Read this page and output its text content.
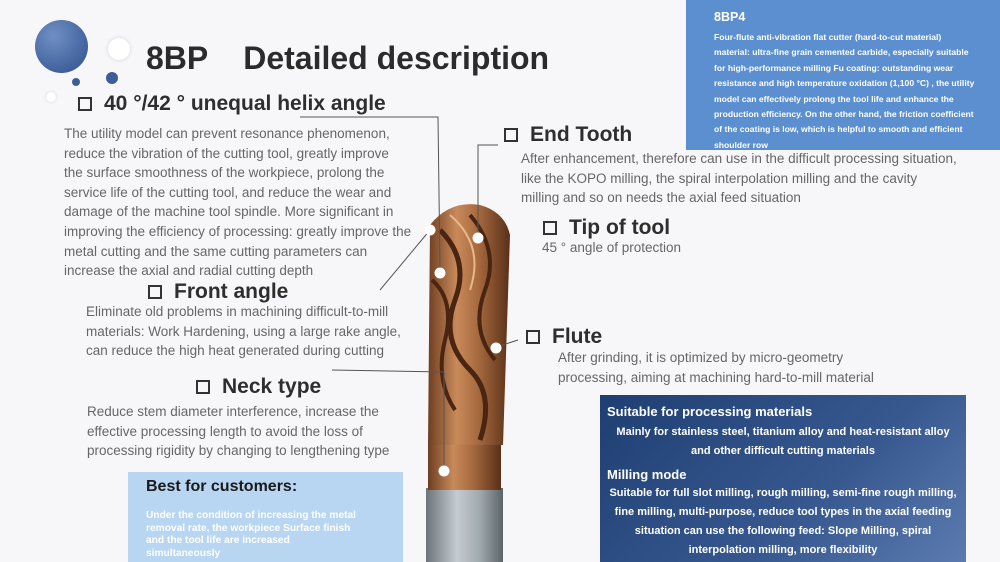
8BP    Detailed description
40 °/42 ° unequal helix angle
The utility model can prevent resonance phenomenon,
reduce the vibration of the cutting tool, greatly improve
the surface smoothness of the workpiece, prolong the
service life of the cutting tool, and reduce the wear and
damage of the machine tool spindle. More significant in
improving the efficiency of processing: greatly improve the
metal cutting and the same cutting parameters can
increase the axial and radial cutting depth
Front angle
Eliminate old problems in machining difficult-to-mill
materials: Work Hardening, using a large rake angle,
can reduce the high heat generated during cutting
Neck type
Reduce stem diameter interference, increase the
effective processing length to avoid the loss of
processing rigidity by changing to lengthening type
End Tooth
After enhancement, therefore can use in the difficult processing situation,
like the KOPO milling, the spiral interpolation milling and the cavity
milling and so on needs the axial feed situation
Tip of tool
45 ° angle of protection
Flute
After grinding, it is optimized by micro-geometry
processing, aiming at machining hard-to-mill material
8BP4
Four-flute anti-vibration flat cutter (hard-to-cut material)
material: ultra-fine grain cemented carbide, especially suitable
for high-performance milling Fu coating: outstanding wear
resistance and high temperature oxidation (1,100 °C) , the utility
model can effectively prolong the tool life and enhance the
production efficiency. On the other hand, the friction coefficient
of the coating is low, which is helpful to smooth and efficient
shoulder row
Best for customers:
Under the condition of increasing the metal
removal rate, the workpiece Surface finish
and the tool life are increased
simultaneously
Suitable for processing materials
Mainly for stainless steel, titanium alloy and heat-resistant alloy
and other difficult cutting materials
Milling mode
Suitable for full slot milling, rough milling, semi-fine rough milling,
fine milling, multi-purpose, reduce tool types in the axial feeding
situation can use the following feed: Slope Milling, spiral
interpolation milling, more flexibility
